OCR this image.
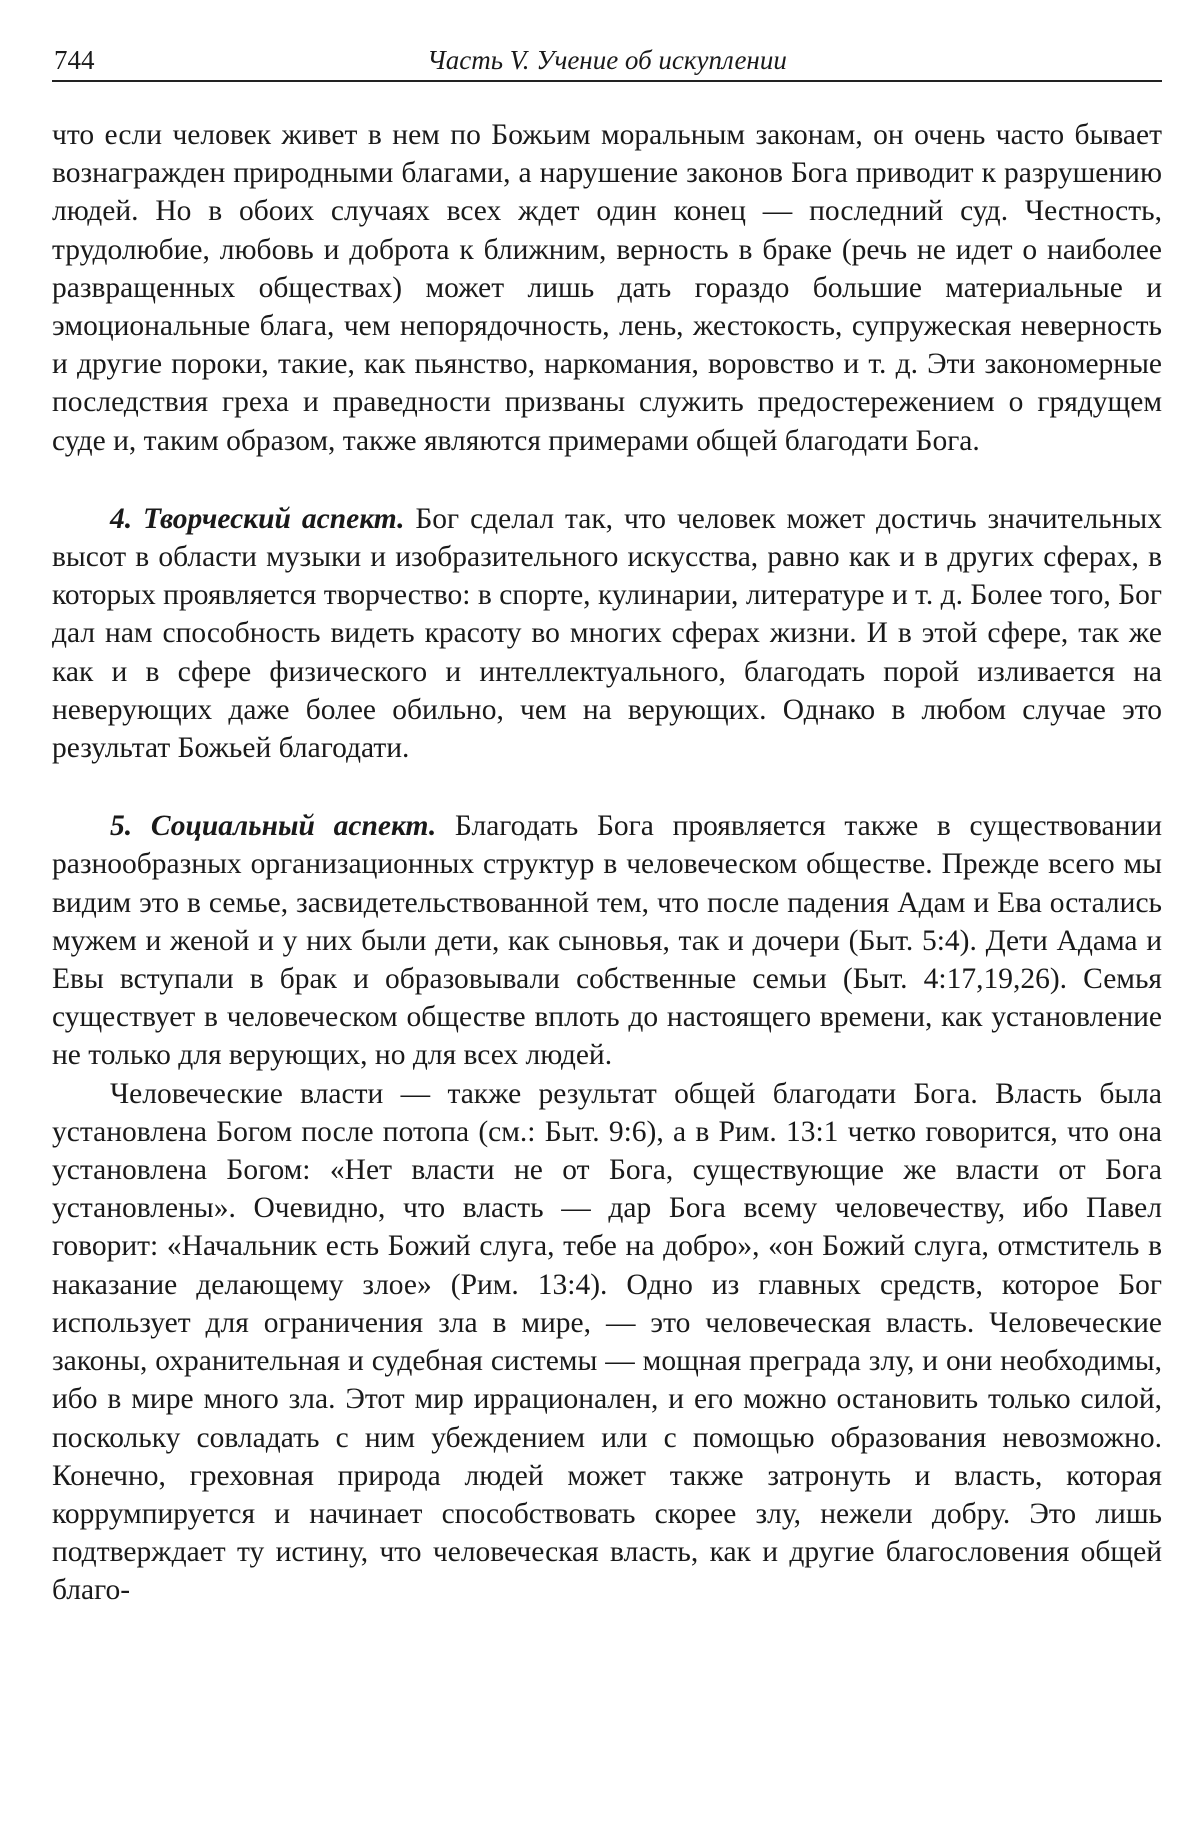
744	Часть V. Учение об искуплении

что если человек живет в нем по Божьим моральным законам, он очень часто бывает вознагражден природными благами, а нарушение законов Бога приводит к разрушению людей. Но в обоих случаях всех ждет один конец — последний суд. Честность, трудолюбие, любовь и доброта к ближним, верность в браке (речь не идет о наиболее развращенных обществах) может лишь дать гораздо большие материальные и эмоциональные блага, чем непорядочность, лень, жестокость, супружеская неверность и другие пороки, такие, как пьянство, наркомания, воровство и т. д. Эти закономерные последствия греха и праведности призваны служить предостережением о грядущем суде и, таким образом, также являются примерами общей благодати Бога.

4. Творческий аспект. Бог сделал так, что человек может достичь значительных высот в области музыки и изобразительного искусства, равно как и в других сферах, в которых проявляется творчество: в спорте, кулинарии, литературе и т. д. Более того, Бог дал нам способность видеть красоту во многих сферах жизни. И в этой сфере, так же как и в сфере физического и интеллектуального, благодать порой изливается на неверующих даже более обильно, чем на верующих. Однако в любом случае это результат Божьей благодати.

5. Социальный аспект. Благодать Бога проявляется также в существовании разнообразных организационных структур в человеческом обществе. Прежде всего мы видим это в семье, засвидетельствованной тем, что после падения Адам и Ева остались мужем и женой и у них были дети, как сыновья, так и дочери (Быт. 5:4). Дети Адама и Евы вступали в брак и образовывали собственные семьи (Быт. 4:17,19,26). Семья существует в человеческом обществе вплоть до настоящего времени, как установление не только для верующих, но для всех людей.

Человеческие власти — также результат общей благодати Бога. Власть была установлена Богом после потопа (см.: Быт. 9:6), а в Рим. 13:1 четко говорится, что она установлена Богом: «Нет власти не от Бога, существующие же власти от Бога установлены». Очевидно, что власть — дар Бога всему человечеству, ибо Павел говорит: «Начальник есть Божий слуга, тебе на добро», «он Божий слуга, отмститель в наказание делающему злое» (Рим. 13:4). Одно из главных средств, которое Бог использует для ограничения зла в мире, — это человеческая власть. Человеческие законы, охранительная и судебная системы — мощная преграда злу, и они необходимы, ибо в мире много зла. Этот мир иррационален, и его можно остановить только силой, поскольку совладать с ним убеждением или с помощью образования невозможно. Конечно, греховная природа людей может также затронуть и власть, которая коррумпируется и начинает способствовать скорее злу, нежели добру. Это лишь подтверждает ту истину, что человеческая власть, как и другие благословения общей благо-
